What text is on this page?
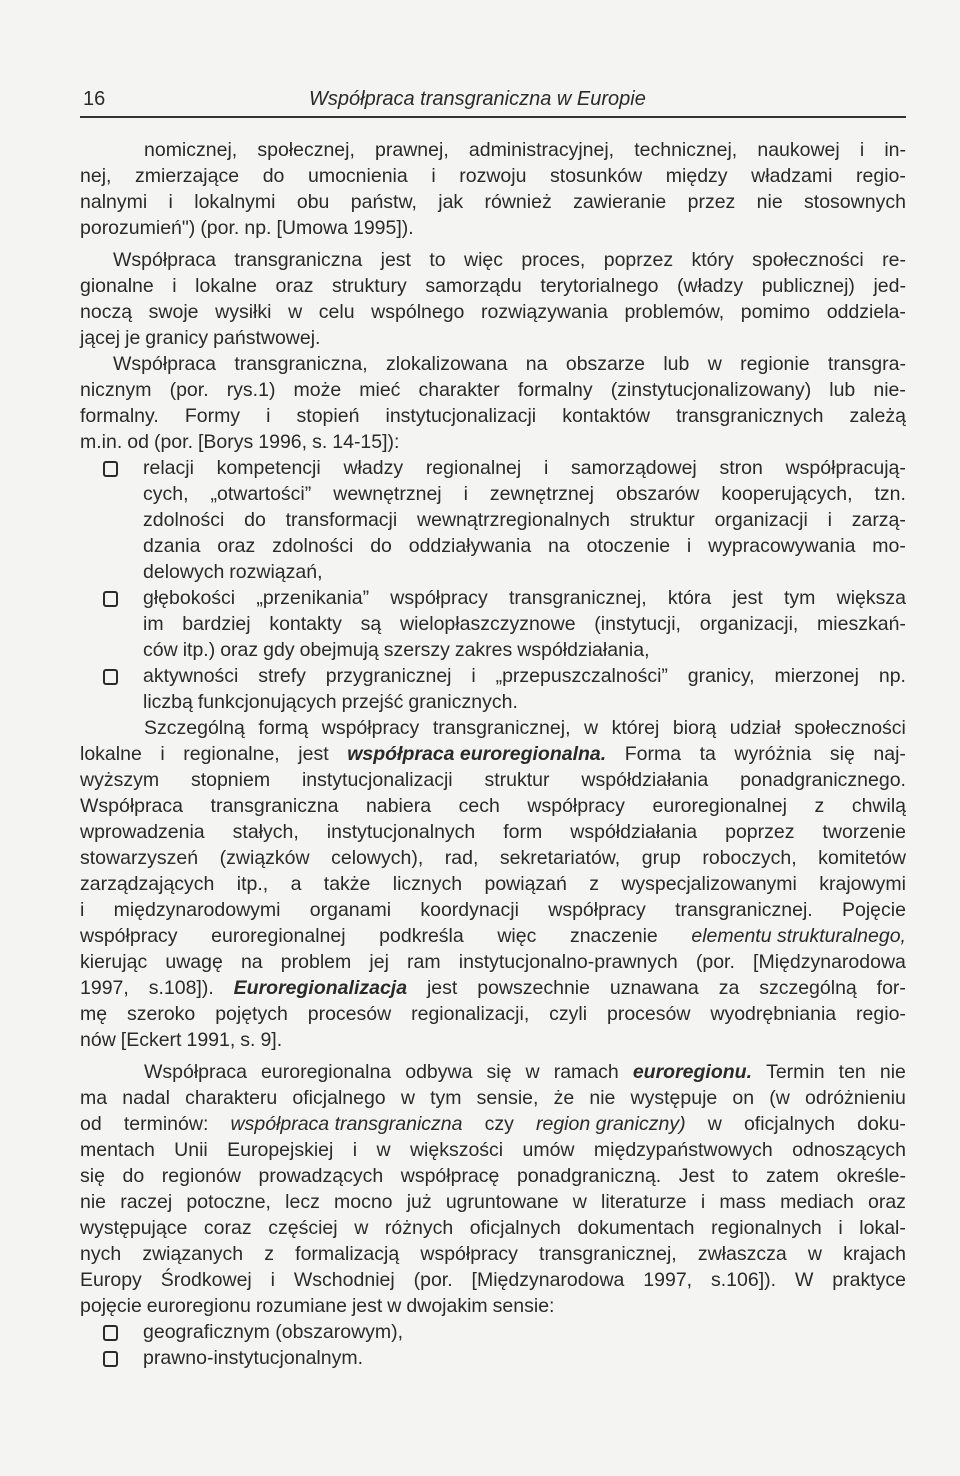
16	Współpraca transgraniczna w Europie
nomicznej, społecznej, prawnej, administracyjnej, technicznej, naukowej i in-
nej, zmierzające do umocnienia i rozwoju stosunków między władzami regio-
nalnymi i lokalnymi obu państw, jak również zawieranie przez nie stosownych
porozumień") (por. np. [Umowa 1995]).
Współpraca transgraniczna jest to więc proces, poprzez który społeczności re-
gionalne i lokalne oraz struktury samorządu terytorialnego (władzy publicznej) jed-
noczą swoje wysiłki w celu wspólnego rozwiązywania problemów, pomimo oddziela-
jącej je granicy państwowej.
Współpraca transgraniczna, zlokalizowana na obszarze lub w regionie transgra-
nicznym (por. rys.1) może mieć charakter formalny (zinstytucjonalizowany) lub nie-
formalny. Formy i stopień instytucjonalizacji kontaktów transgranicznych zależą
m.in. od (por. [Borys 1996, s. 14-15]):
relacji kompetencji władzy regionalnej i samorządowej stron współpracują-
cych, „otwartości” wewnętrznej i zewnętrznej obszarów kooperujących, tzn.
zdolności do transformacji wewnątrzregionalnych struktur organizacji i zarzą-
dzania oraz zdolności do oddziaływania na otoczenie i wypracowywania mo-
delowych rozwiązań,
głębokości „przenikania” współpracy transgranicznej, która jest tym większa
im bardziej kontakty są wielopłaszczyznowe (instytucji, organizacji, mieszkań-
ców itp.) oraz gdy obejmują szerszy zakres współdziałania,
aktywności strefy przygranicznej i „przepuszczalności” granicy, mierzonej np.
liczbą funkcjonujących przejść granicznych.
Szczególną formą współpracy transgranicznej, w której biorą udział społeczności
lokalne i regionalne, jest współpraca euroregionalna. Forma ta wyróżnia się naj-
wyższym stopniem instytucjonalizacji struktur współdziałania ponadgranicznego.
Współpraca transgraniczna nabiera cech współpracy euroregionalnej z chwilą
wprowadzenia stałych, instytucjonalnych form współdziałania poprzez tworzenie
stowarzyszeń (związków celowych), rad, sekretariatów, grup roboczych, komitetów
zarządzających itp., a także licznych powiązań z wyspecjalizowanymi krajowymi
i międzynarodowymi organami koordynacji współpracy transgranicznej. Pojęcie
współpracy euroregionalnej podkreśla więc znaczenie elementu strukturalnego,
kierując uwagę na problem jej ram instytucjonalno-prawnych (por. [Międzynarodowa
1997, s.108]). Euroregionalizacja jest powszechnie uznawana za szczególną for-
mę szeroko pojętych procesów regionalizacji, czyli procesów wyodrębniania regio-
nów [Eckert 1991, s. 9].
Współpraca euroregionalna odbywa się w ramach euroregionu. Termin ten nie
ma nadal charakteru oficjalnego w tym sensie, że nie występuje on (w odróżnieniu
od terminów: współpraca transgraniczna czy region graniczny) w oficjalnych doku-
mentach Unii Europejskiej i w większości umów międzypaństwowych odnoszących
się do regionów prowadzących współpracę ponadgraniczną. Jest to zatem określe-
nie raczej potoczne, lecz mocno już ugruntowane w literaturze i mass mediach oraz
występujące coraz częściej w różnych oficjalnych dokumentach regionalnych i lokal-
nych związanych z formalizacją współpracy transgranicznej, zwłaszcza w krajach
Europy Środkowej i Wschodniej (por. [Międzynarodowa 1997, s.106]). W praktyce
pojęcie euroregionu rozumiane jest w dwojakim sensie:
geograficznym (obszarowym),
prawno-instytucjonalnym.
